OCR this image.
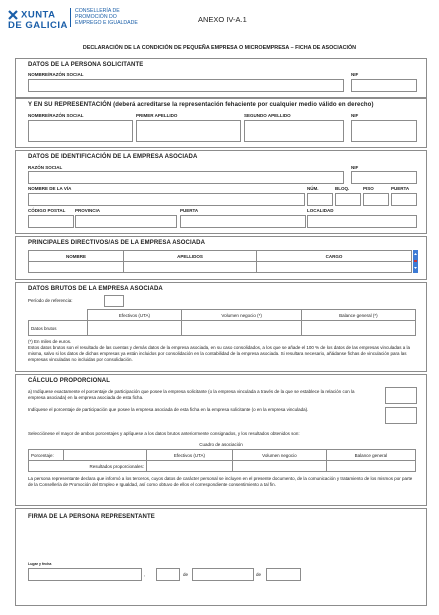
XUNTA
DE GALICIA
CONSELLERÍA DE
PROMOCIÓN DO
EMPREGO E IGUALDADE	ANEXO IV-A.1
DECLARACIÓN DE LA CONDICIÓN DE PEQUEÑA EMPRESA O MICROEMPRESA – FICHA DE ASOCIACIÓN
DATOS DE LA PERSONA SOLICITANTE
NOMBRE/RAZÓN SOCIAL	NIF
Y EN SU REPRESENTACIÓN (deberá acreditarse la representación fehaciente por cualquier medio válido en derecho)
NOMBRE/RAZÓN SOCIAL	PRIMER APELLIDO	SEGUNDO APELLIDO	NIF
DATOS DE IDENTIFICACIÓN DE LA EMPRESA ASOCIADA
RAZÓN SOCIAL	NIF
NOMBRE DE LA VÍA	NÚM.	BLOQ.	PISO	PUERTA
CÓDIGO POSTAL PROVINCIA	PUERTA	LOCALIDAD
PRINCIPALES DIRECTIVOS/AS DE LA EMPRESA ASOCIADA
NOMBRE	APELLIDOS	CARGO

DATOS BRUTOS DE LA EMPRESA ASOCIADA
Período de referencia:
	Efectivos (UTA)	Volumen negocio (*)	Balance general (*)
Datos brutos			
(*) En miles de euros.
Estos datos brutos son el resultado de las cuentas y demás datos de la empresa asociada, en su caso consolidados, a los que se añade el 100 % de los datos de las empresas vinculadas a la misma, salvo si los datos de dichas empresas ya están incluidos por consolidación en la contabilidad de la empresa asociada. Si resultara necesario, añádanse fichas de vinculación para las empresas vinculadas no incluidas por consolidación.
CÁLCULO PROPORCIONAL
a) Indíquese exactamente el porcentaje de participación que posee la empresa solicitante (o la empresa vinculada a través de la que se establece la relación con la empresa asociada) en la empresa asociada de esta ficha.
Indíquese el porcentaje de participación que posee la empresa asociada de esta ficha en la empresa solicitante (o en la empresa vinculada).
Selecciónese el mayor de ambos porcentajes y aplíquese a los datos brutos anteriormente consignados, y los resultados obtenidos son:
Cuadro de asociación
Porcentaje:		Efectivos (UTA)	Volumen negocio	Balance general
Resultados proporcionales:				
La persona representante declara que informó a los terceros, cuyos datos de carácter personal se incluyen en el presente documento, de la comunicación y tratamiento de los mismos por parte de la Consellería de Promoción del Empleo e Igualdad, así como obtuvo de ellos el correspondiente consentimiento a tal fin.
FIRMA DE LA PERSONA REPRESENTANTE
Lugar y fecha
,	de	de
